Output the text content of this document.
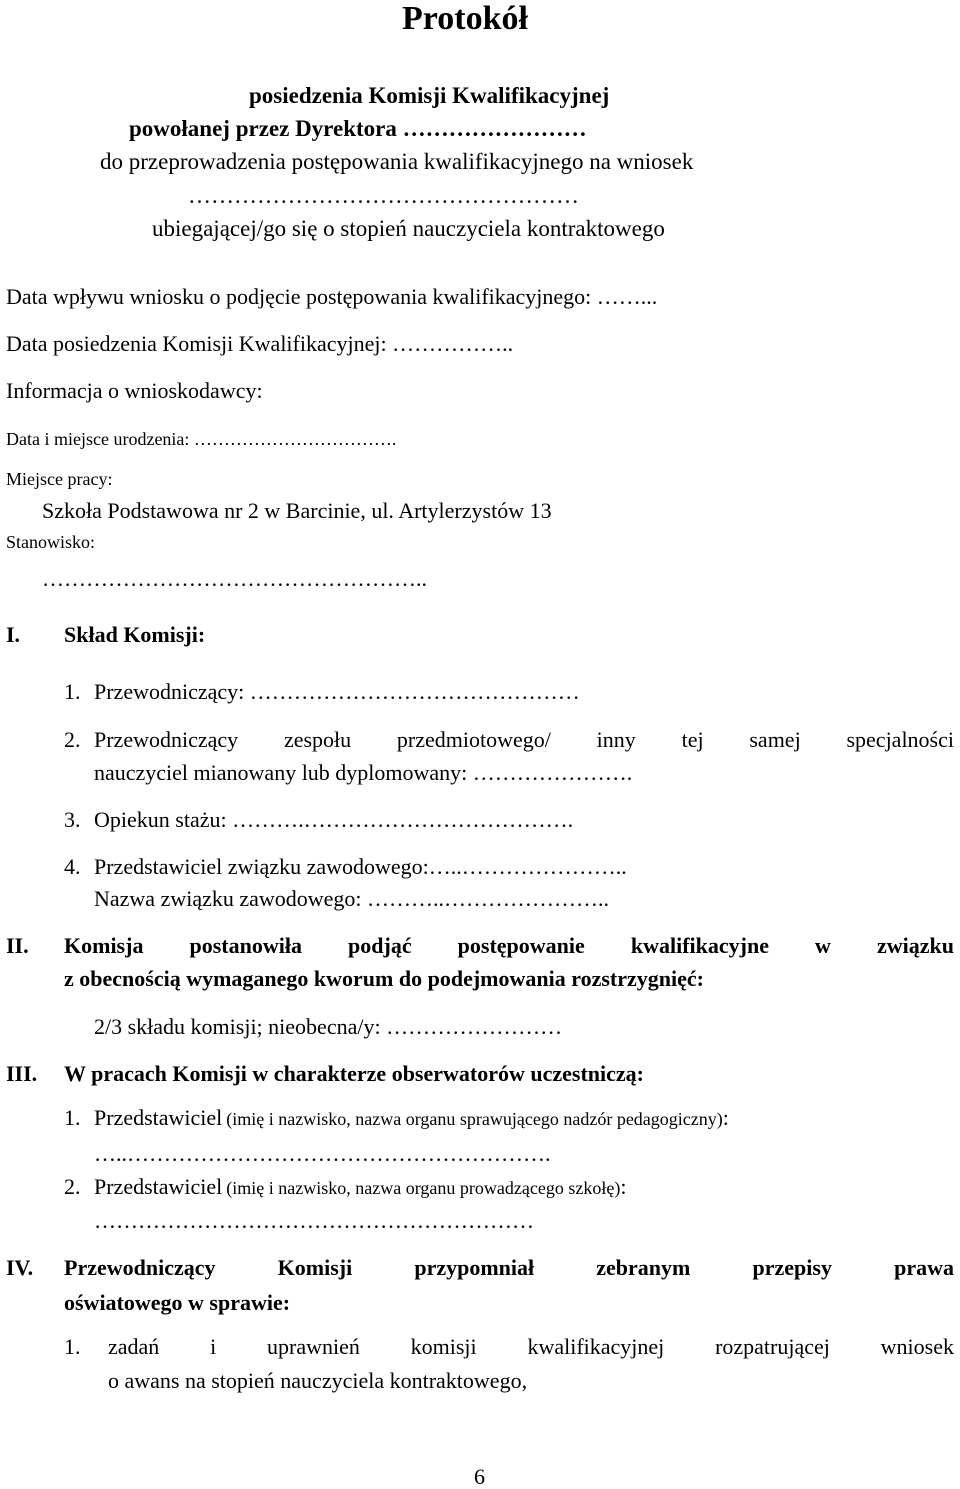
Protokół
posiedzenia Komisji Kwalifikacyjnej
powołanej przez Dyrektora ……………………
do przeprowadzenia postępowania kwalifikacyjnego na wniosek
……………………………………………
ubiegającej/go się o stopień nauczyciela kontraktowego
Data wpływu wniosku o podjęcie postępowania kwalifikacyjnego: ……...
Data posiedzenia Komisji Kwalifikacyjnej: ……………..
Informacja o wnioskodawcy:
Data i miejsce urodzenia: …………………………….
Miejsce pracy:
Szkoła Podstawowa nr 2 w Barcinie, ul. Artylerzystów 13
Stanowisko:
……………………………………………..
I. Skład Komisji:
1. Przewodniczący: ………………………………………
2. Przewodniczący zespołu przedmiotowego/ inny tej samej specjalności
nauczyciel mianowany lub dyplomowany: ………………….
3. Opiekun stażu: ……….……………………………….
4. Przedstawiciel związku zawodowego:…..…………………..
Nazwa związku zawodowego: ………..…………………..
II. Komisja postanowiła podjąć postępowanie kwalifikacyjne w związku
z obecnością wymaganego kworum do podejmowania rozstrzygnięć:
2/3 składu komisji; nieobecna/y: ……………………
III. W pracach Komisji w charakterze obserwatorów uczestniczą:
1. Przedstawiciel (imię i nazwisko, nazwa organu sprawującego nadzór pedagogiczny):
…..………………………………………………….
2. Przedstawiciel (imię i nazwisko, nazwa organu prowadzącego szkołę):
……………………………………………………
IV. Przewodniczący Komisji przypomniał zebranym przepisy prawa
oświatowego w sprawie:
1. zadań i uprawnień komisji kwalifikacyjnej rozpatrującej wniosek
o awans na stopień nauczyciela kontraktowego,
6
